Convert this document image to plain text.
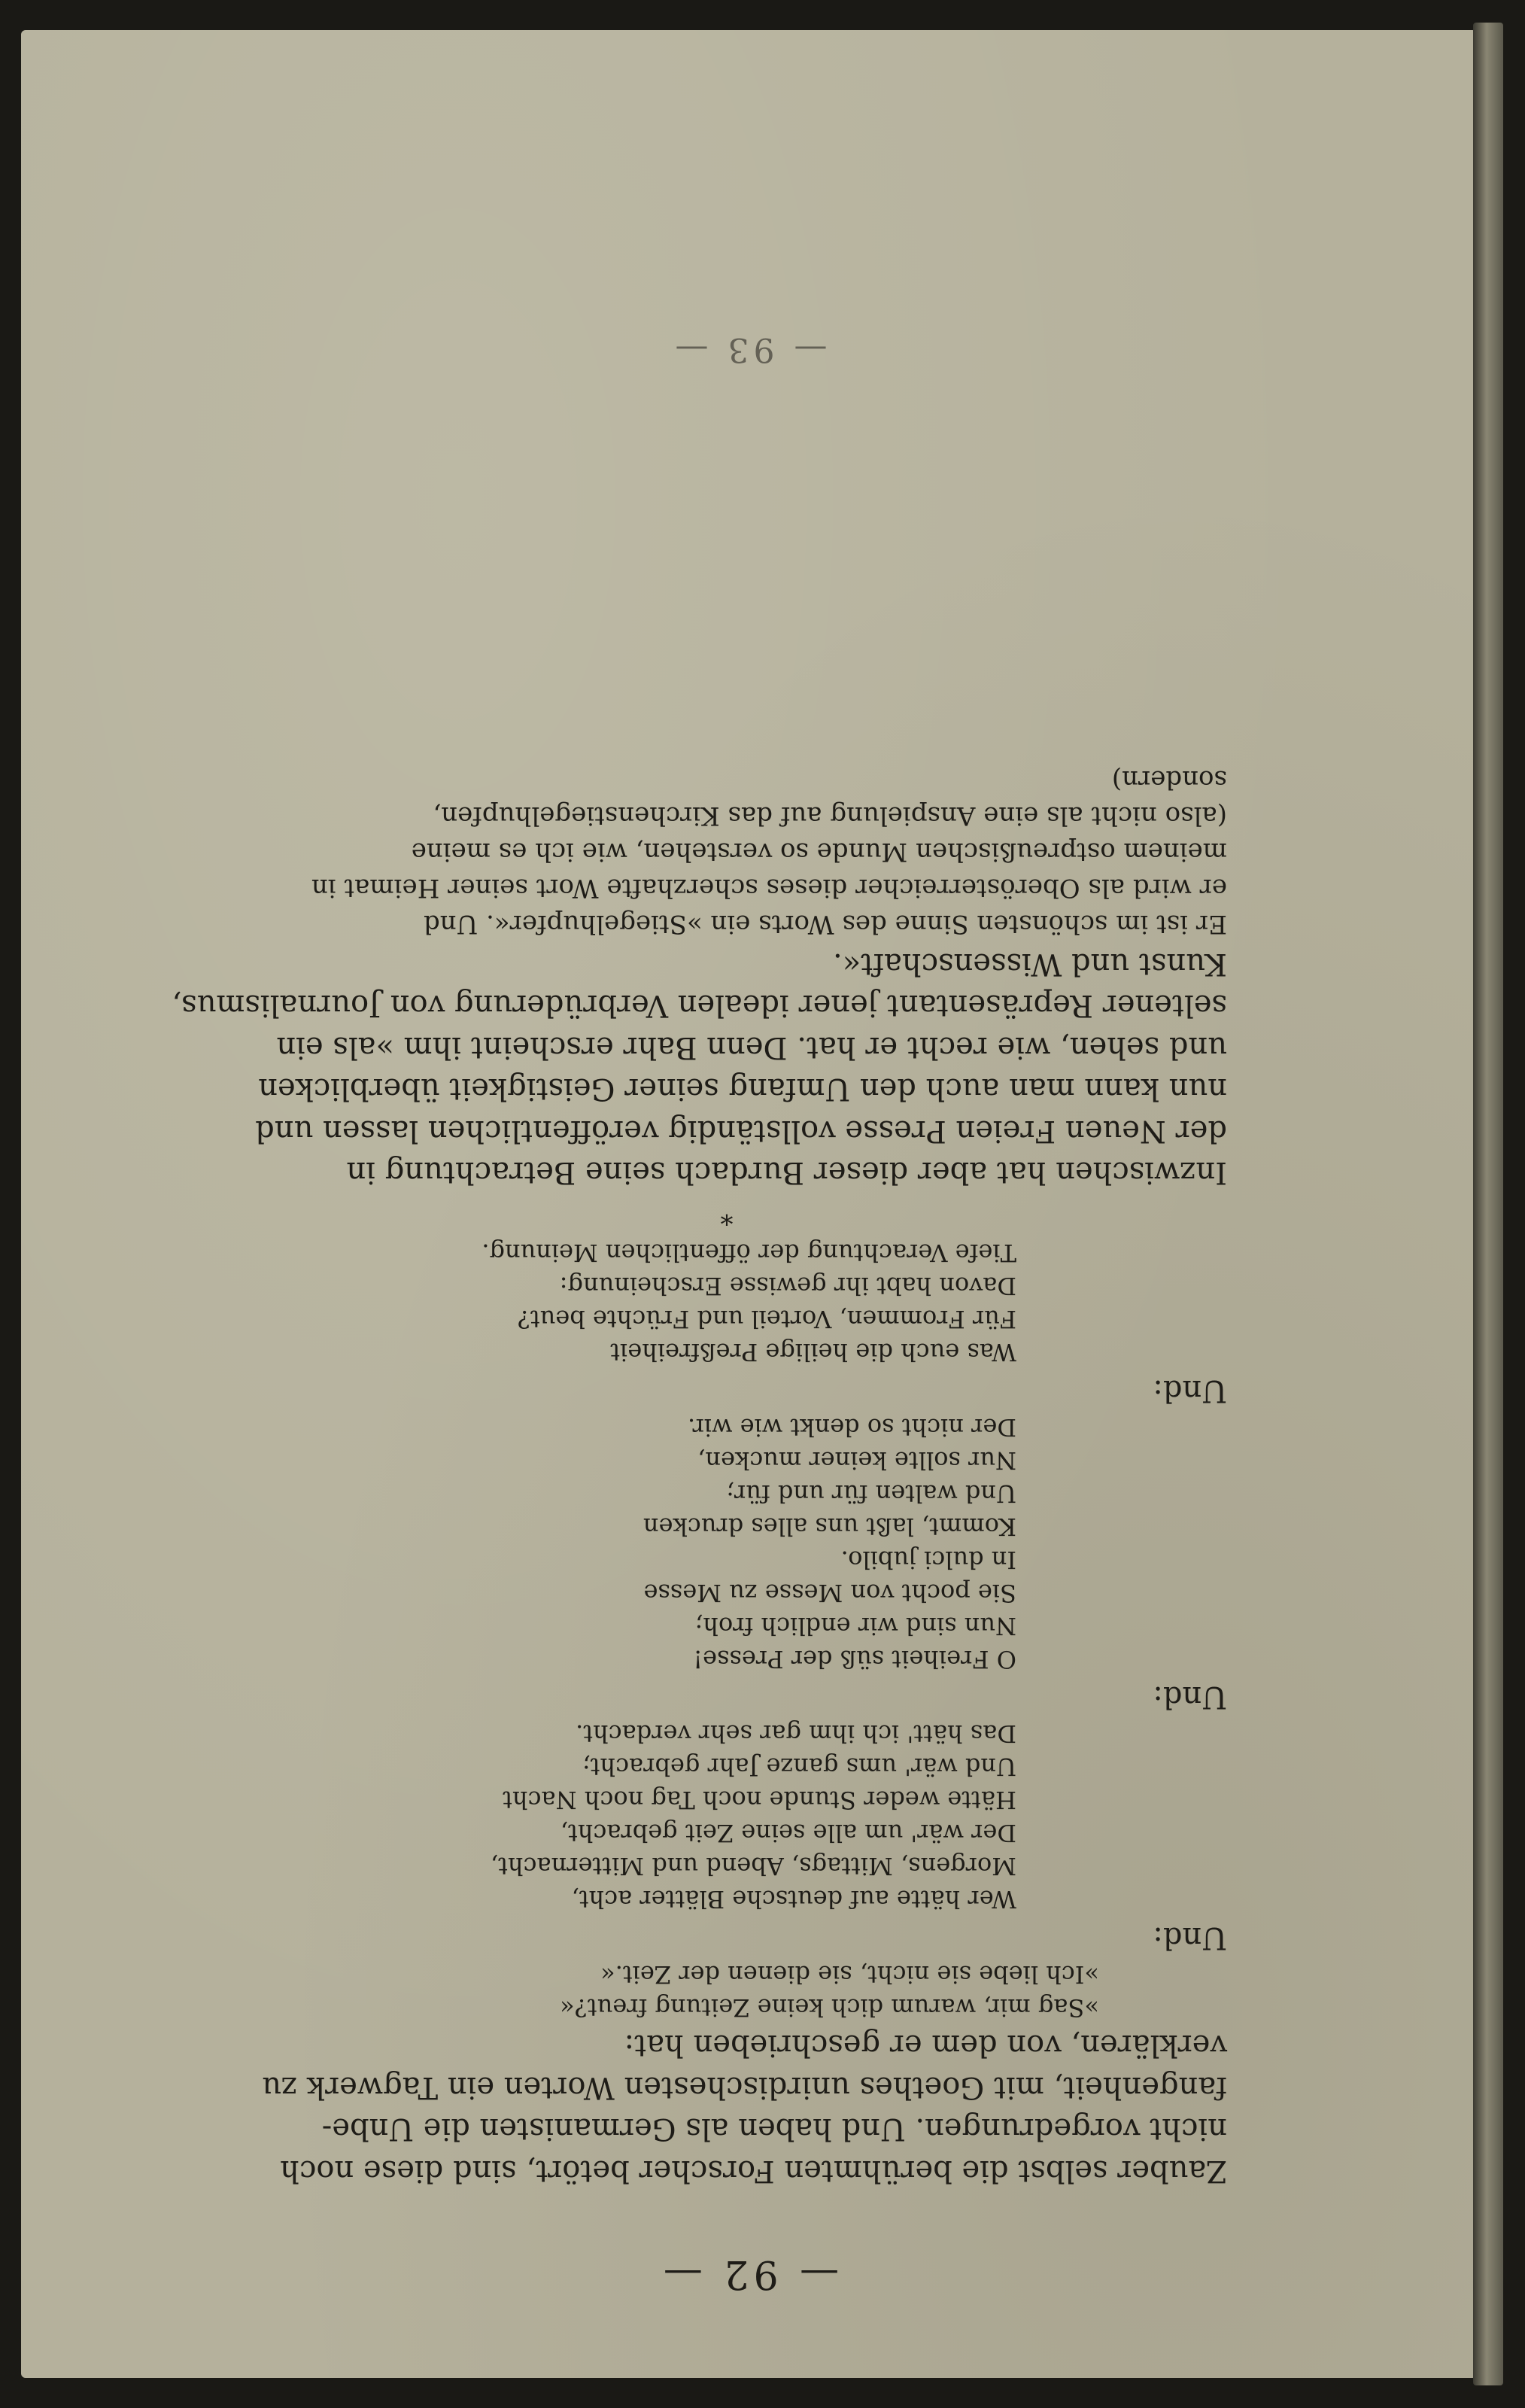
— 92 —

Zauber selbst die berühmten Forscher betört, sind diese noch
nicht vorgedrungen. Und haben als Germanisten die Unbe-
fangenheit, mit Goethes unirdischesten Worten ein Tagwerk zu
verklären, von dem er geschrieben hat:

»Sag mir, warum dich keine Zeitung freut?«
»Ich liebe sie nicht, sie dienen der Zeit.«
Und:
Wer hätte auf deutsche Blätter acht,
Morgens, Mittags, Abend und Mitternacht,
Der wär' um alle seine Zeit gebracht,
Hätte weder Stunde noch Tag noch Nacht
Und wär' ums ganze Jahr gebracht;
Das hätt' ich ihm gar sehr verdacht.
Und:
O Freiheit süß der Presse!
Nun sind wir endlich froh;
Sie pocht von Messe zu Messe
In dulci jubilo.
Kommt, laßt uns alles drucken
Und walten für und für;
Nur sollte keiner mucken,
Der nicht so denkt wie wir.
Und:
Was euch die heilige Preßfreiheit
Für Frommen, Vorteil und Früchte beut?
Davon habt ihr gewisse Erscheinung:
Tiefe Verachtung der öffentlichen Meinung.
*

Inzwischen hat aber dieser Burdach seine Betrachtung in
der Neuen Freien Presse vollständig veröffentlichen lassen und
nun kann man auch den Umfang seiner Geistigkeit überblicken
und sehen, wie recht er hat. Denn Bahr erscheint ihm »als ein
seltener Repräsentant jener idealen Verbrüderung von Journalismus,
Kunst und Wissenschaft«.

Er ist im schönsten Sinne des Worts ein »Stiegelhupfer«. Und
er wird als Oberösterreicher dieses scherzhafte Wort seiner Heimat in
meinem ostpreußischen Munde so verstehen, wie ich es meine
(also nicht als eine Anspielung auf das Kirchenstiegelhupfen,
sondern)

— 93 —
